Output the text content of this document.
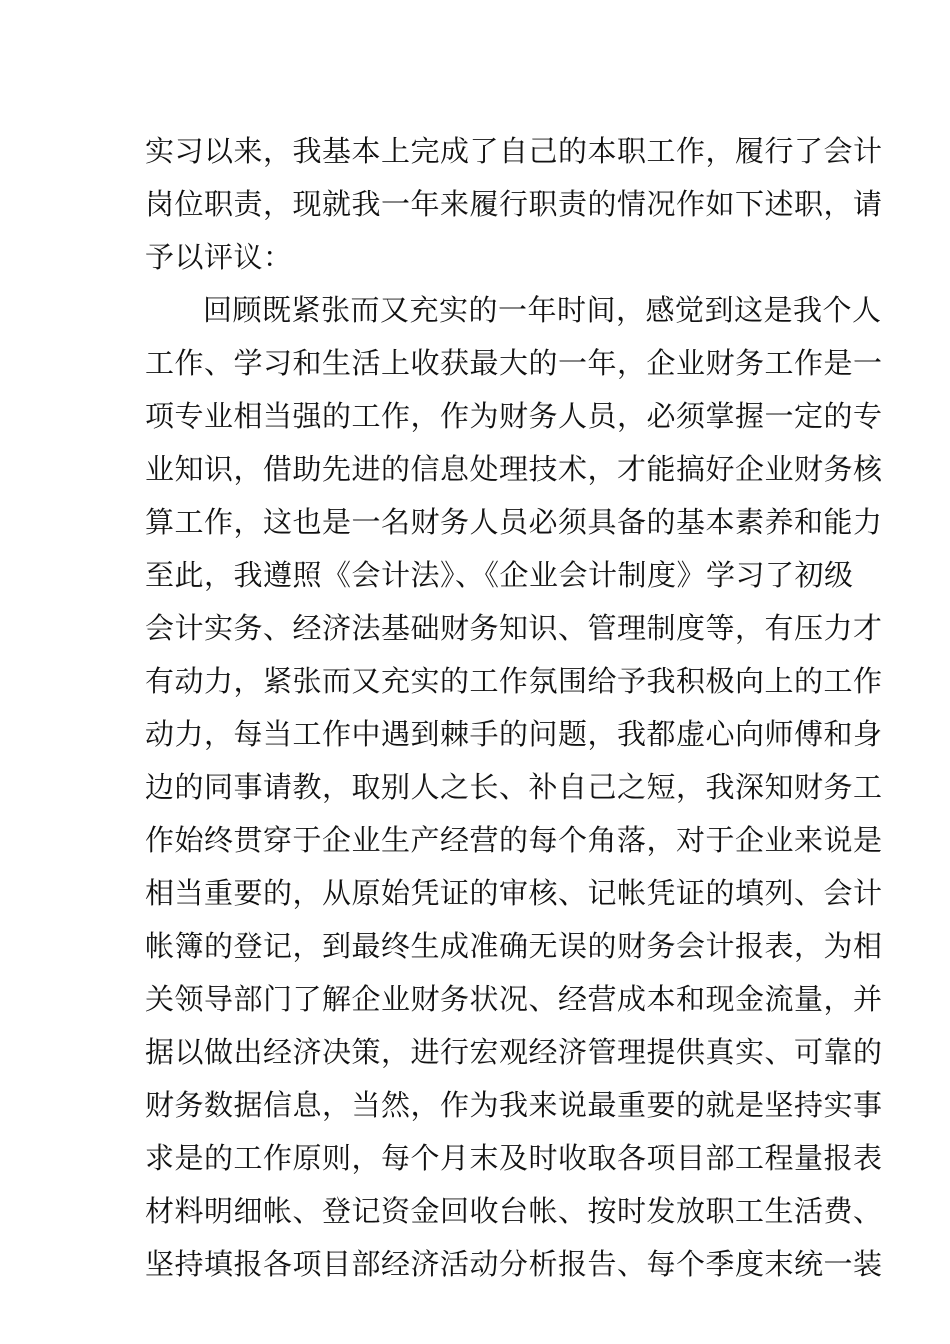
实习以来，我基本上完成了自己的本职工作，履行了会计
岗位职责，现就我一年来履行职责的情况作如下述职，请
予以评议：
回顾既紧张而又充实的一年时间，感觉到这是我个人
工作、学习和生活上收获最大的一年，企业财务工作是一
项专业相当强的工作，作为财务人员，必须掌握一定的专
业知识，借助先进的信息处理技术，才能搞好企业财务核
算工作，这也是一名财务人员必须具备的基本素养和能力
至此，我遵照《会计法》、《企业会计制度》学习了初级
会计实务、经济法基础财务知识、管理制度等，有压力才
有动力，紧张而又充实的工作氛围给予我积极向上的工作
动力，每当工作中遇到棘手的问题，我都虚心向师傅和身
边的同事请教，取别人之长、补自己之短，我深知财务工
作始终贯穿于企业生产经营的每个角落，对于企业来说是
相当重要的，从原始凭证的审核、记帐凭证的填列、会计
帐簿的登记，到最终生成准确无误的财务会计报表，为相
关领导部门了解企业财务状况、经营成本和现金流量，并
据以做出经济决策，进行宏观经济管理提供真实、可靠的
财务数据信息，当然，作为我来说最重要的就是坚持实事
求是的工作原则，每个月末及时收取各项目部工程量报表
材料明细帐、登记资金回收台帐、按时发放职工生活费、
坚持填报各项目部经济活动分析报告、每个季度末统一装
